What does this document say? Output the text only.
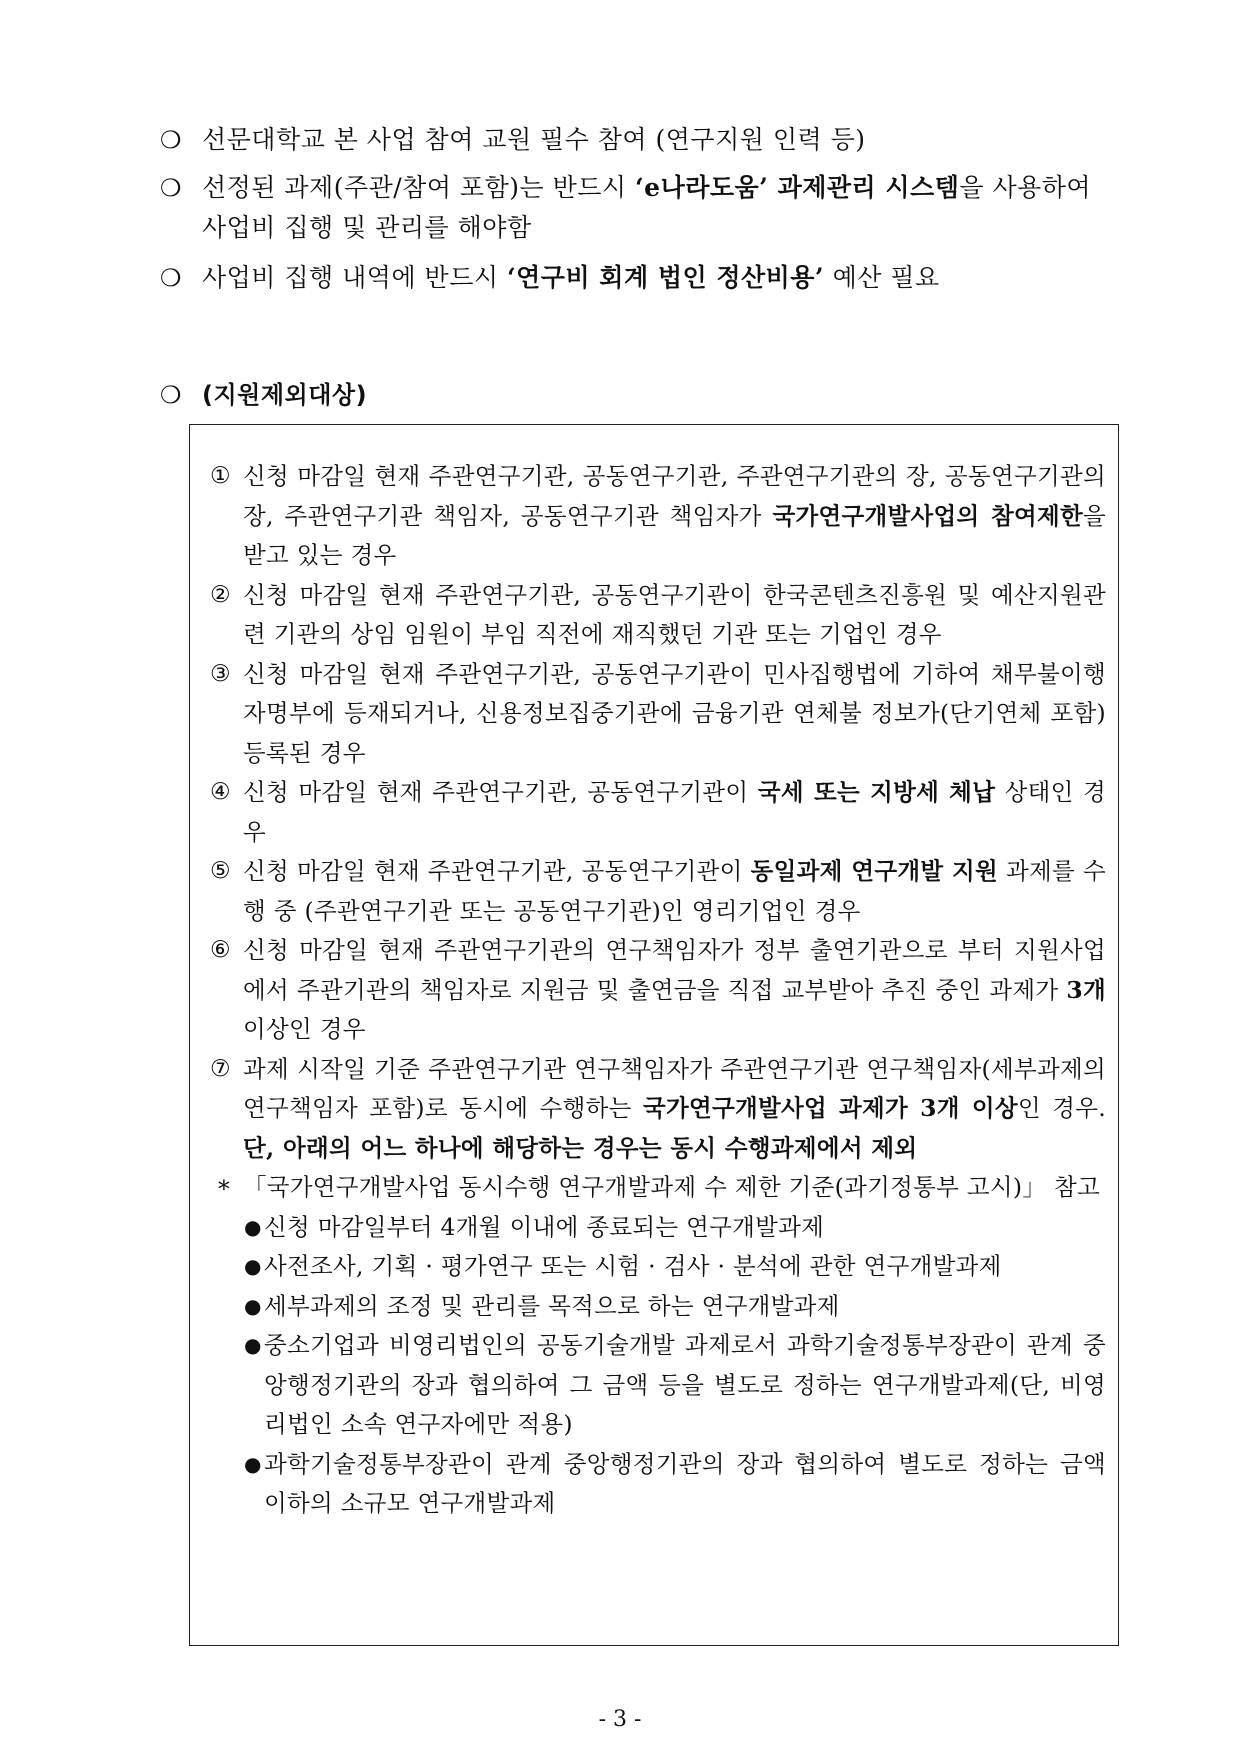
❍ 선문대학교 본 사업 참여 교원 필수 참여 (연구지원 인력 등)
❍ 선정된 과제(주관/참여 포함)는 반드시 ‘e나라도움’ 과제관리 시스템을 사용하여 사업비 집행 및 관리를 해야함
❍ 사업비 집행 내역에 반드시 ‘연구비 회계 법인 정산비용’ 예산 필요
❍ (지원제외대상)
① 신청 마감일 현재 주관연구기관, 공동연구기관, 주관연구기관의 장, 공동연구기관의 장, 주관연구기관 책임자, 공동연구기관 책임자가 국가연구개발사업의 참여제한을 받고 있는 경우
② 신청 마감일 현재 주관연구기관, 공동연구기관이 한국콘텐츠진흥원 및 예산지원관련 기관의 상임 임원이 부임 직전에 재직했던 기관 또는 기업인 경우
③ 신청 마감일 현재 주관연구기관, 공동연구기관이 민사집행법에 기하여 채무불이행자명부에 등재되거나, 신용정보집중기관에 금융기관 연체불 정보가(단기연체 포함) 등록된 경우
④ 신청 마감일 현재 주관연구기관, 공동연구기관이 국세 또는 지방세 체납 상태인 경우
⑤ 신청 마감일 현재 주관연구기관, 공동연구기관이 동일과제 연구개발 지원 과제를 수행 중 (주관연구기관 또는 공동연구기관)인 영리기업인 경우
⑥ 신청 마감일 현재 주관연구기관의 연구책임자가 정부 출연기관으로 부터 지원사업에서 주관기관의 책임자로 지원금 및 출연금을 직접 교부받아 추진 중인 과제가 3개 이상인 경우
⑦ 과제 시작일 기준 주관연구기관 연구책임자가 주관연구기관 연구책임자(세부과제의 연구책임자 포함)로 동시에 수행하는 국가연구개발사업 과제가 3개 이상인 경우. 단, 아래의 어느 하나에 해당하는 경우는 동시 수행과제에서 제외
* 「국가연구개발사업 동시수행 연구개발과제 수 제한 기준(과기정통부 고시)」 참고
● 신청 마감일부터 4개월 이내에 종료되는 연구개발과제
● 사전조사, 기획 · 평가연구 또는 시험 · 검사 · 분석에 관한 연구개발과제
● 세부과제의 조정 및 관리를 목적으로 하는 연구개발과제
● 중소기업과 비영리법인의 공동기술개발 과제로서 과학기술정통부장관이 관계 중앙행정기관의 장과 협의하여 그 금액 등을 별도로 정하는 연구개발과제(단, 비영리법인 소속 연구자에만 적용)
● 과학기술정통부장관이 관계 중앙행정기관의 장과 협의하여 별도로 정하는 금액 이하의 소규모 연구개발과제
- 3 -
